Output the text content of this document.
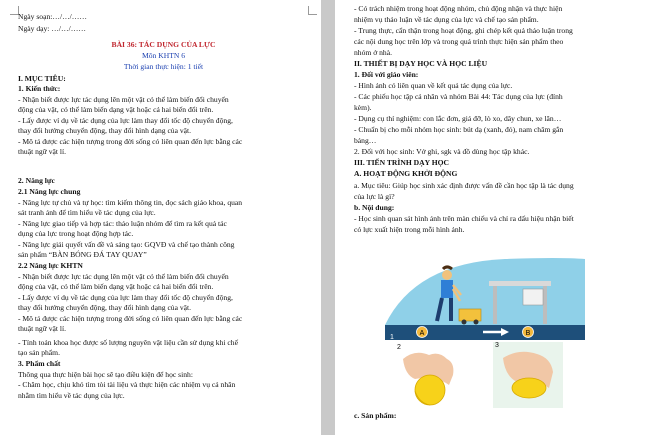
Ngày soạn:…/…/……
Ngày dạy: …/…/……
BÀI 36: TÁC DỤNG CỦA LỰC
Môn KHTN 6
Thời gian thực hiện: 1 tiết
I. MỤC TIÊU:
1. Kiến thức:
- Nhận biết được lực tác dụng lên một vật có thể làm biến đổi chuyển
động của vật, có thể làm biến dạng vật hoặc cả hai biến đổi trên.
- Lấy được ví dụ về tác dụng của lực làm thay đổi tốc độ chuyển động,
thay đổi hướng chuyển động, thay đổi hình dạng của vật.
- Mô tả được các hiện tượng trong đời sống có liên quan đến lực bằng các
thuật ngữ vật lí.
2. Năng lực
2.1 Năng lực chung
- Năng lực tự chủ và tự học: tìm kiếm thông tin, đọc sách giáo khoa, quan
sát tranh ảnh để tìm hiểu về tác dụng của lực.
- Năng lực giao tiếp và hợp tác: thảo luận nhóm để tìm ra kết quả tác
dụng của lực trong hoạt động hợp tác.
- Năng lực giải quyết vấn đề và sáng tạo: GQVĐ và chế tạo thành công
sản phẩm “BÀN BÓNG ĐÁ TAY QUAY”
2.2 Năng lực KHTN
- Nhận biết được lực tác dụng lên một vật có thể làm biến đổi chuyển
động của vật, có thể làm biến dạng vật hoặc cả hai biến đổi trên.
- Lấy được ví dụ về tác dụng của lực làm thay đổi tốc độ chuyển động,
thay đổi hướng chuyển động, thay đổi hình dạng của vật.
- Mô tả được các hiện tượng trong đời sống có liên quan đến lực bằng các
thuật ngữ vật lí.
- Tính toán khoa học được số lượng nguyên vật liệu cần sử dụng khi chế
tạo sản phẩm.
3. Phẩm chất
Thông qua thực hiện bài học sẽ tạo điều kiện để học sinh:
- Chăm học, chịu khó tìm tòi tài liệu và thực hiện các nhiệm vụ cá nhân
nhằm tìm hiểu về tác dụng của lực.
- Có trách nhiệm trong hoạt động nhóm, chủ động nhận và thực hiện
nhiệm vụ thảo luận về tác dụng của lực và chế tạo sản phẩm.
- Trung thực, cẩn thận trong hoạt động, ghi chép kết quả thảo luận trong
các nội dung học trên lớp và trong quá trình thực hiện sản phẩm theo
nhóm ở nhà.
II. THIẾT BỊ DẠY HỌC VÀ HỌC LIỆU
1. Đối với giáo viên:
- Hình ảnh có liên quan về kết quả tác dụng của lực.
- Các phiếu học tập cá nhân và nhóm Bài 44: Tác dụng của lực (đính
kèm).
- Dụng cụ thí nghiệm: con lắc đơn, giá đỡ, lò xo, dây chun, xe lăn…
- Chuẩn bị cho mỗi nhóm học sinh: bút dạ (xanh, đỏ), nam châm gắn
bảng…
2. Đối với học sinh: Vở ghi, sgk và đồ dùng học tập khác.
III. TIẾN TRÌNH DẠY HỌC
A. HOẠT ĐỘNG KHỞI ĐỘNG
a. Mục tiêu: Giúp học sinh xác định được vấn đề cần học tập là tác dụng
của lực là gì?
b. Nội dung:
- Học sinh quan sát hình ảnh trên màn chiếu và chỉ ra dấu hiệu nhận biết
có lực xuất hiện trong mỗi hình ảnh.
A	B
1
2	3
c. Sản phẩm:
